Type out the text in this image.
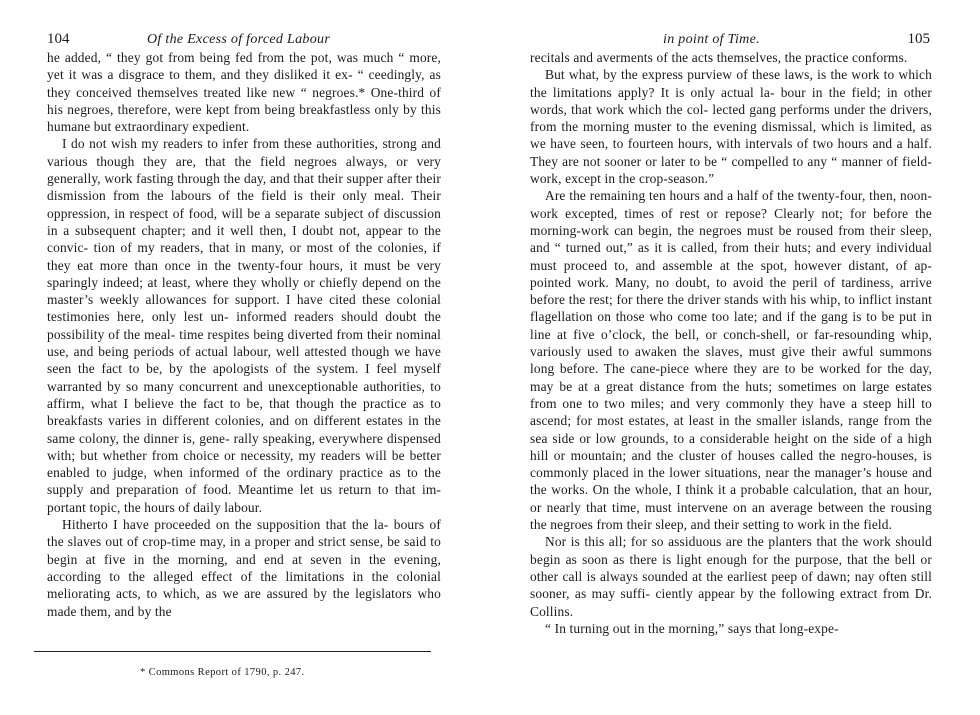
104	Of the Excess of forced Labour

he added, “ they got from being fed from the pot, was much “ more, yet it was a disgrace to them, and they disliked it ex- “ ceedingly, as they conceived themselves treated like new “ negroes.* One-third of his negroes, therefore, were kept from being breakfastless only by this humane but extraordinary expedient.

I do not wish my readers to infer from these authorities, strong and various though they are, that the field negroes always, or very generally, work fasting through the day, and that their supper after their dismission from the labours of the field is their only meal. Their oppression, in respect of food, will be a separate subject of discussion in a subsequent chapter; and it well then, I doubt not, appear to the convic- tion of my readers, that in many, or most of the colonies, if they eat more than once in the twenty-four hours, it must be very sparingly indeed; at least, where they wholly or chiefly depend on the master’s weekly allowances for support. I have cited these colonial testimonies here, only lest un- informed readers should doubt the possibility of the meal- time respites being diverted from their nominal use, and being periods of actual labour, well attested though we have seen the fact to be, by the apologists of the system. I feel myself warranted by so many concurrent and unexceptionable authorities, to affirm, what I believe the fact to be, that though the practice as to breakfasts varies in different colonies, and on different estates in the same colony, the dinner is, gene- rally speaking, everywhere dispensed with; but whether from choice or necessity, my readers will be better enabled to judge, when informed of the ordinary practice as to the supply and preparation of food. Meantime let us return to that im- portant topic, the hours of daily labour.

Hitherto I have proceeded on the supposition that the la- bours of the slaves out of crop-time may, in a proper and strict sense, be said to begin at five in the morning, and end at seven in the evening, according to the alleged effect of the limitations in the colonial meliorating acts, to which, as we are assured by the legislators who made them, and by the

* Commons Report of 1790, p. 247.
in point of Time.	105

recitals and averments of the acts themselves, the practice conforms.

But what, by the express purview of these laws, is the work to which the limitations apply? It is only actual la- bour in the field; in other words, that work which the col- lected gang performs under the drivers, from the morning muster to the evening dismissal, which is limited, as we have seen, to fourteen hours, with intervals of two hours and a half. They are not sooner or later to be “ compelled to any “ manner of field-work, except in the crop-season.”

Are the remaining ten hours and a half of the twenty-four, then, noon-work excepted, times of rest or repose? Clearly not; for before the morning-work can begin, the negroes must be roused from their sleep, and “ turned out,” as it is called, from their huts; and every individual must proceed to, and assemble at the spot, however distant, of ap- pointed work. Many, no doubt, to avoid the peril of tardiness, arrive before the rest; for there the driver stands with his whip, to inflict instant flagellation on those who come too late; and if the gang is to be put in line at five o’clock, the bell, or conch-shell, or far-resounding whip, variously used to awaken the slaves, must give their awful summons long before. The cane-piece where they are to be worked for the day, may be at a great distance from the huts; sometimes on large estates from one to two miles; and very commonly they have a steep hill to ascend; for most estates, at least in the smaller islands, range from the sea side or low grounds, to a considerable height on the side of a high hill or mountain; and the cluster of houses called the negro-houses, is commonly placed in the lower situations, near the manager’s house and the works. On the whole, I think it a probable calculation, that an hour, or nearly that time, must intervene on an average between the rousing the negroes from their sleep, and their setting to work in the field.

Nor is this all; for so assiduous are the planters that the work should begin as soon as there is light enough for the purpose, that the bell or other call is always sounded at the earliest peep of dawn; nay often still sooner, as may suffi- ciently appear by the following extract from Dr. Collins.

“ In turning out in the morning,” says that long-expe-
